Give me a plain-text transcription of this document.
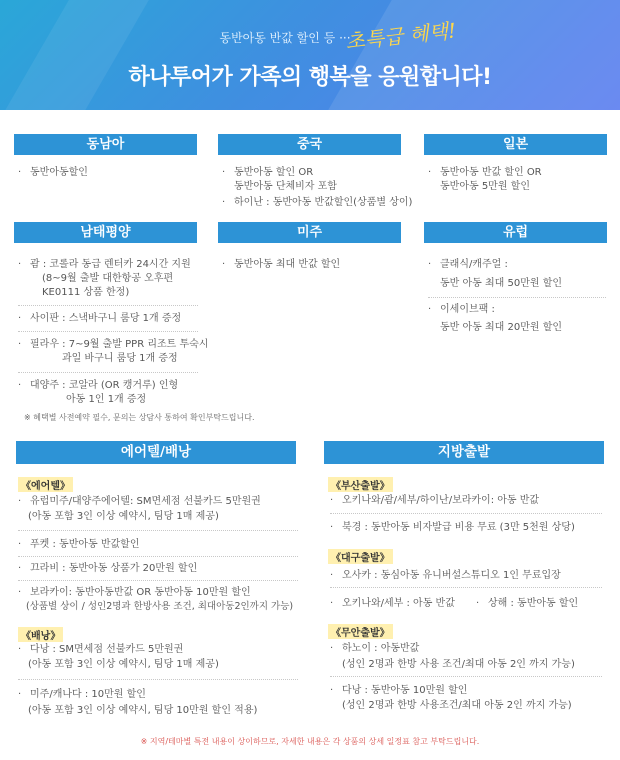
동반아동 반값 할인 등 ···
초특급 혜택!
하나투어가 가족의 행복을 응원합니다!
동남아	중국	일본
· 동반아동할인	· 동반아동 할인 OR
동반아동 단체비자 포함
· 하이난 : 동반아동 반값할인(상품별 상이)
· 동반아동 반값 할인 OR
동반아동 5만원 할인
남태평양	미주	유럽
· 괌 : 코롤라 동급 렌터카 24시간 지원
(8~9월 출발 대한항공 오후편
KE0111 상품 한정)
· 사이판 : 스낵바구니 룸당 1개 증정
· 필라우 : 7~9월 출발 PPR 리조트 투숙시
과일 바구니 룸당 1개 증정
· 대양주 : 코알라 (OR 캥거루) 인형
아동 1인 1개 증정
※ 혜택별 사전예약 필수, 문의는 상담사 통하여 확인부탁드립니다.
· 동반아동 최대 반값 할인	· 클래식/캐주얼 :
동반 아동 최대 50만원 할인
· 이세이브팩 :
동반 아동 최대 20만원 할인
에어텔/배낭	지방출발
《에어텔》
· 유럽미주/대양주에어텔: SM면세점 선불카드 5만원권
(아동 포함 3인 이상 예약시, 팀당 1매 제공)
· 푸켓 : 동반아동 반값할인
· 끄라비 : 동반아동 상품가 20만원 할인
· 보라카이: 동반아동반값 OR 동반아동 10만원 할인
(상품별 상이 / 성인2명과 한방사용 조건, 최대아동2인까지 가능)
《배낭》
· 다낭 : SM면세점 선불카드 5만원권
(아동 포함 3인 이상 예약시, 팀당 1매 제공)
· 미주/캐나다 : 10만원 할인
(아동 포함 3인 이상 예약시, 팀당 10만원 할인 적용)
《부산출발》
· 오키나와/괌/세부/하이난/보라카이: 아동 반값
· 북경 : 동반아동 비자발급 비용 무료 (3만 5천원 상당)
《대구출발》
· 오사카 : 동심아동 유니버설스튜디오 1인 무료입장
· 오키나와/세부 : 아동 반값 · 상해 : 동반아동 할인
《무안출발》
· 하노이 : 아동반값
(성인 2명과 한방 사용 조건/최대 아동 2인 까지 가능)
· 다낭 : 동반아동 10만원 할인
(성인 2명과 한방 사용조건/최대 아동 2인 까지 가능)
※ 지역/테마별 특전 내용이 상이하므로, 자세한 내용은 각 상품의 상세 일정표 참고 부탁드립니다.
